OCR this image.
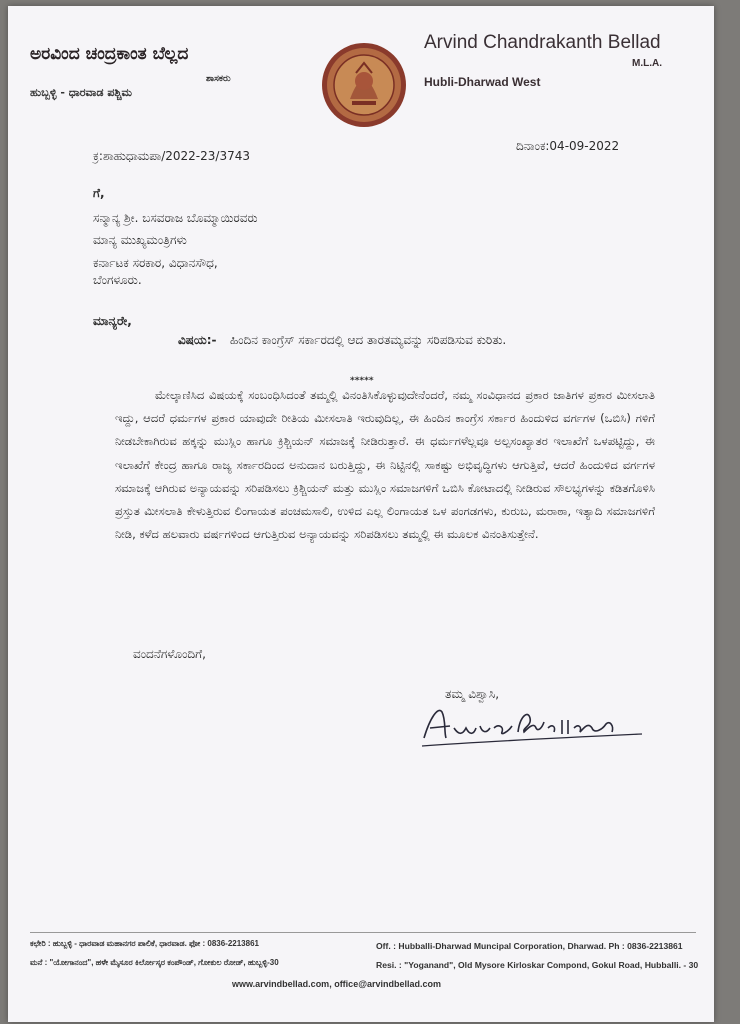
ಅರವಿಂದ ಚಂದ್ರಕಾಂತ ಬೆಲ್ಲದ
ಹುಬ್ಬಳ್ಳಿ - ಧಾರವಾಡ ಪಶ್ಚಿಮ
ಶಾಸಕರು
Arvind Chandrakanth Bellad
M.L.A.
Hubli-Dharwad West
ಕ್ರ:ಶಾಹುಧಾಮಪಾ/2022-23/3743
ದಿನಾಂಕ:04-09-2022
ಗೆ,
ಸನ್ಮಾನ್ಯ ಶ್ರೀ. ಬಸವರಾಜ ಬೊಮ್ಮಾಯಿರವರು
ಮಾನ್ಯ ಮುಖ್ಯಮಂತ್ರಿಗಳು
ಕರ್ನಾಟಕ ಸರಕಾರ, ವಿಧಾನಸೌಧ,
ಬೆಂಗಳೂರು.
ಮಾನ್ಯರೇ,
ವಿಷಯ:- ಹಿಂದಿನ ಕಾಂಗ್ರೆಸ್ ಸರ್ಕಾರದಲ್ಲಿ ಆದ ತಾರತಮ್ಯವನ್ನು ಸರಿಪಡಿಸುವ ಕುರಿತು.
*****
ಮೇಲ್ಕಾಣಿಸಿದ ವಿಷಯಕ್ಕೆ ಸಂಬಂಧಿಸಿದಂತೆ ತಮ್ಮಲ್ಲಿ ವಿನಂತಿಸಿಕೊಳ್ಳುವುದೇನೆಂದರೆ, ನಮ್ಮ ಸಂವಿಧಾನದ ಪ್ರಕಾರ ಜಾತಿಗಳ ಪ್ರಕಾರ ಮೀಸಲಾತಿ ಇದ್ದು, ಆದರೆ ಧರ್ಮಗಳ ಪ್ರಕಾರ ಯಾವುದೇ ರೀತಿಯ ಮೀಸಲಾತಿ ಇರುವುದಿಲ್ಲ, ಈ ಹಿಂದಿನ ಕಾಂಗ್ರೆಸ ಸರ್ಕಾರ ಹಿಂದುಳಿದ ವರ್ಗಗಳ (ಒಬಿಸಿ) ಗಳಿಗೆ ನೀಡಬೇಕಾಗಿರುವ ಹಕ್ಕನ್ನು ಮುಸ್ಲಿಂ ಹಾಗೂ ಕ್ರಿಶ್ಚಿಯನ್ ಸಮಾಜಕ್ಕೆ ನೀಡಿರುತ್ತಾರೆ. ಈ ಧರ್ಮಗಳೆಲ್ಲವೂ ಅಲ್ಪಸಂಖ್ಯಾತರ ಇಲಾಖೆಗೆ ಒಳಪಟ್ಟಿದ್ದು, ಈ ಇಲಾಖೆಗೆ ಕೇಂದ್ರ ಹಾಗೂ ರಾಜ್ಯ ಸರ್ಕಾರದಿಂದ ಅನುದಾನ ಬರುತ್ತಿದ್ದು, ಈ ನಿಟ್ಟಿನಲ್ಲಿ ಸಾಕಷ್ಟು ಅಭಿವೃದ್ಧಿಗಳು ಆಗುತ್ತಿವೆ, ಆದರೆ ಹಿಂದುಳಿದ ವರ್ಗಗಳ ಸಮಾಜಕ್ಕೆ ಆಗಿರುವ ಅನ್ಯಾಯವನ್ನು ಸರಿಪಡಿಸಲು ಕ್ರಿಶ್ಚಿಯನ್ ಮತ್ತು ಮುಸ್ಲಿಂ ಸಮಾಜಗಳಿಗೆ ಒಬಿಸಿ ಕೋಟಾದಲ್ಲಿ ನೀಡಿರುವ ಸೌಲಭ್ಯಗಳನ್ನು ಕಡಿತಗೊಳಿಸಿ ಪ್ರಸ್ತುತ ಮೀಸಲಾತಿ ಕೇಳುತ್ತಿರುವ ಲಿಂಗಾಯತ ಪಂಚಮಸಾಲಿ, ಉಳಿದ ಎಲ್ಲ ಲಿಂಗಾಯತ ಒಳ ಪಂಗಡಗಳು, ಕುರುಬ, ಮರಾಠಾ, ಇತ್ಯಾದಿ ಸಮಾಜಗಳಿಗೆ ನೀಡಿ, ಕಳೆದ ಹಲವಾರು ವರ್ಷಗಳಿಂದ ಆಗುತ್ತಿರುವ ಅನ್ಯಾಯವನ್ನು ಸರಿಪಡಿಸಲು ತಮ್ಮಲ್ಲಿ ಈ ಮೂಲಕ ವಿನಂತಿಸುತ್ತೇನೆ.
ವಂದನೆಗಳೊಂದಿಗೆ,
ತಮ್ಮ ವಿಶ್ವಾಸಿ,
ಕಛೇರಿ : ಹುಬ್ಬಳ್ಳಿ - ಧಾರವಾಡ ಮಹಾನಗರ ಪಾಲಿಕೆ, ಧಾರವಾಡ. ಫೋ : 0836-2213861
ಮನೆ : "ಯೋಗಾನಂದ", ಹಳೇ ಮೈಸೂರ ಕಿರ್ಲೋಸ್ಕರ ಕಂಪೌಂಡ್, ಗೋಕುಲ ರೋಡ್, ಹುಬ್ಬಳ್ಳಿ-30
Off. : Hubballi-Dharwad Muncipal Corporation, Dharwad. Ph : 0836-2213861
Resi. : "Yoganand", Old Mysore Kirloskar Compond, Gokul Road, Hubballi. - 30
www.arvindbellad.com, office@arvindbellad.com
